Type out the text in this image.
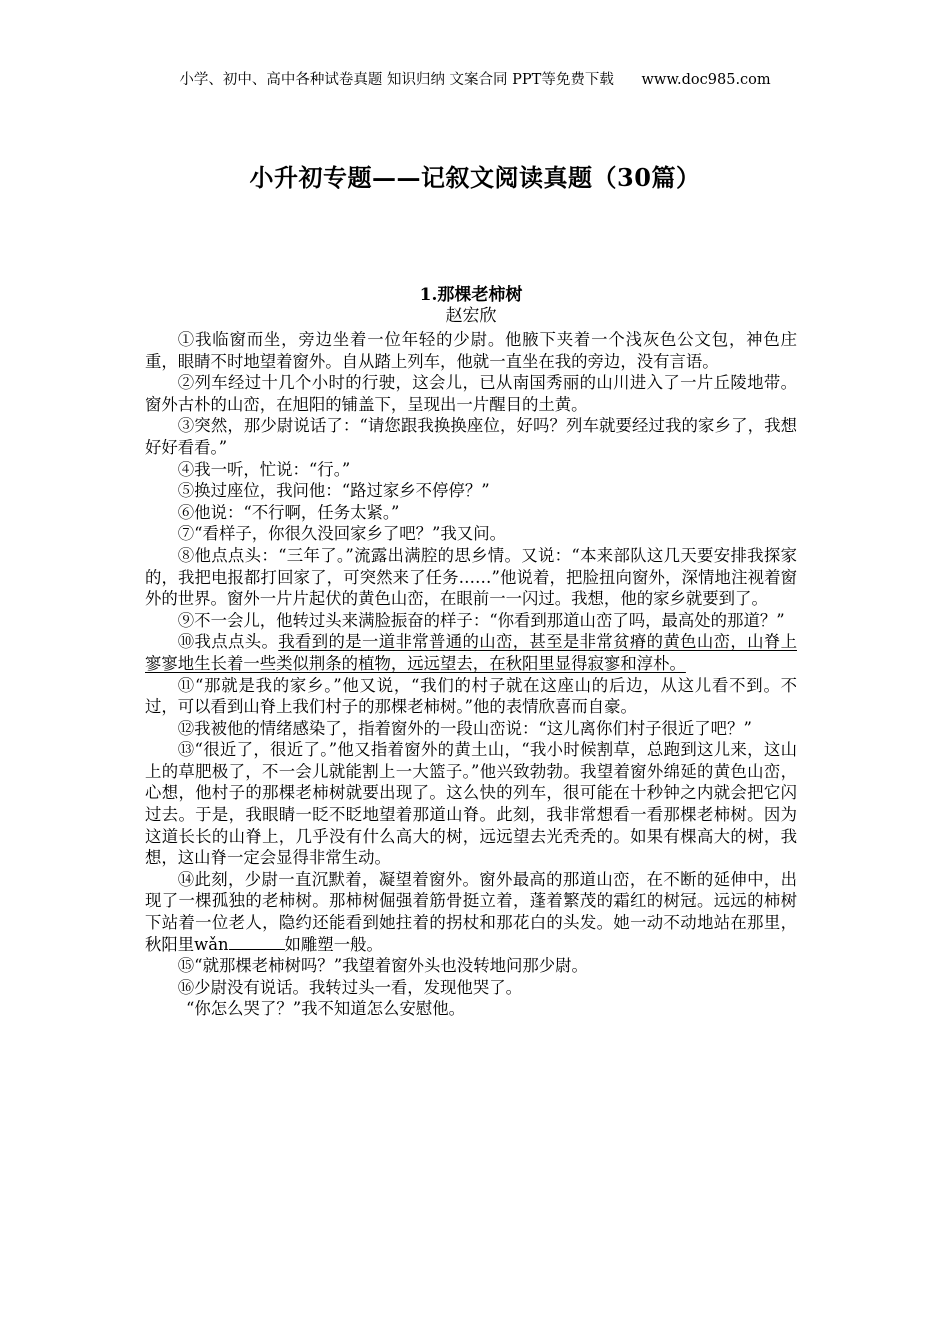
小学、初中、高中各种试卷真题 知识归纳 文案合同 PPT等免费下载      www.doc985.com
小升初专题——记叙文阅读真题（30篇）
1.那棵老柿树
赵宏欣

①我临窗而坐，旁边坐着一位年轻的少尉。他腋下夹着一个浅灰色公文包，神色庄重，眼睛不时地望着窗外。自从踏上列车，他就一直坐在我的旁边，没有言语。

②列车经过十几个小时的行驶，这会儿，已从南国秀丽的山川进入了一片丘陵地带。窗外古朴的山峦，在旭阳的铺盖下，呈现出一片醒目的土黄。

③突然，那少尉说话了：“请您跟我换换座位，好吗？列车就要经过我的家乡了，我想好好看看。”

④我一听，忙说：“行。”

⑤换过座位，我问他：“路过家乡不停停？”

⑥他说：“不行啊，任务太紧。”

⑦“看样子，你很久没回家乡了吧？”我又问。

⑧他点点头：“三年了。”流露出满腔的思乡情。又说：“本来部队这几天要安排我探家的，我把电报都打回家了，可突然来了任务……”他说着，把脸扭向窗外，深情地注视着窗外的世界。窗外一片片起伏的黄色山峦，在眼前一一闪过。我想，他的家乡就要到了。

⑨不一会儿，他转过头来满脸振奋的样子：“你看到那道山峦了吗，最高处的那道？”

⑩我点点头。我看到的是一道非常普通的山峦，甚至是非常贫瘠的黄色山峦，山脊上寥寥地生长着一些类似荆条的植物，远远望去，在秋阳里显得寂寥和淳朴。

⑪“那就是我的家乡。”他又说，“我们的村子就在这座山的后边，从这儿看不到。不过，可以看到山脊上我们村子的那棵老柿树。”他的表情欣喜而自豪。

⑫我被他的情绪感染了，指着窗外的一段山峦说：“这儿离你们村子很近了吧？”

⑬“很近了，很近了。”他又指着窗外的黄土山，“我小时候割草，总跑到这儿来，这山上的草肥极了，不一会儿就能割上一大篮子。”他兴致勃勃。我望着窗外绵延的黄色山峦，心想，他村子的那棵老柿树就要出现了。这么快的列车，很可能在十秒钟之内就会把它闪过去。于是，我眼睛一眨不眨地望着那道山脊。此刻，我非常想看一看那棵老柿树。因为这道长长的山脊上，几乎没有什么高大的树，远远望去光秃秃的。如果有棵高大的树，我想，这山脊一定会显得非常生动。

⑭此刻，少尉一直沉默着，凝望着窗外。窗外最高的那道山峦，在不断的延伸中，出现了一棵孤独的老柿树。那柿树倔强着筋骨挺立着，蓬着繁茂的霜红的树冠。远远的柿树下站着一位老人，隐约还能看到她拄着的拐杖和那花白的头发。她一动不动地站在那里，秋阳里wǎn	如雕塑一般。

⑮“就那棵老柿树吗？”我望着窗外头也没转地问那少尉。

⑯少尉没有说话。我转过头一看，发现他哭了。

“你怎么哭了？”我不知道怎么安慰他。
